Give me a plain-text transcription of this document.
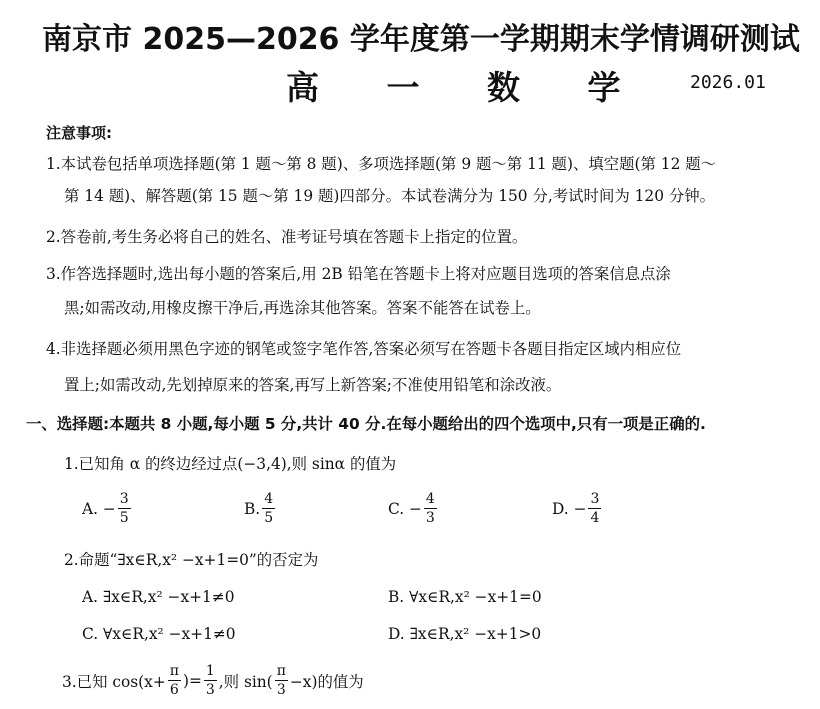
南京市 2025—2026 学年度第一学期期末学情调研测试
高 一 数 学 2026.01
注意事项:
1.本试卷包括单项选择题(第 1 题～第 8 题)、多项选择题(第 9 题～第 11 题)、填空题(第 12 题～
第 14 题)、解答题(第 15 题～第 19 题)四部分。本试卷满分为 150 分,考试时间为 120 分钟。
2.答卷前,考生务必将自己的姓名、准考证号填在答题卡上指定的位置。
3.作答选择题时,选出每小题的答案后,用 2B 铅笔在答题卡上将对应题目选项的答案信息点涂
黑;如需改动,用橡皮擦干净后,再选涂其他答案。答案不能答在试卷上。
4.非选择题必须用黑色字迹的钢笔或签字笔作答,答案必须写在答题卡各题目指定区域内相应位
置上;如需改动,先划掉原来的答案,再写上新答案;不准使用铅笔和涂改液。
一、选择题:本题共 8 小题,每小题 5 分,共计 40 分.在每小题给出的四个选项中,只有一项是正确的.
1.已知角 α 的终边经过点(−3,4),则 sinα 的值为
A. − $\frac{3}{5}$	B. $\frac{4}{5}$	C. − $\frac{4}{3}$	D. − $\frac{3}{4}$
2.命题“∃x∈R,x² −x+1=0”的否定为
A. ∃x∈R,x² −x+1≠0	B. ∀x∈R,x² −x+1=0
C. ∀x∈R,x² −x+1≠0	D. ∃x∈R,x² −x+1>0
3.已知 $\cos(x+ \frac{\pi}{6}$ )= $\frac{1}{3}$ ,则 $\sin( \frac{\pi}{3} -x)$的值为
